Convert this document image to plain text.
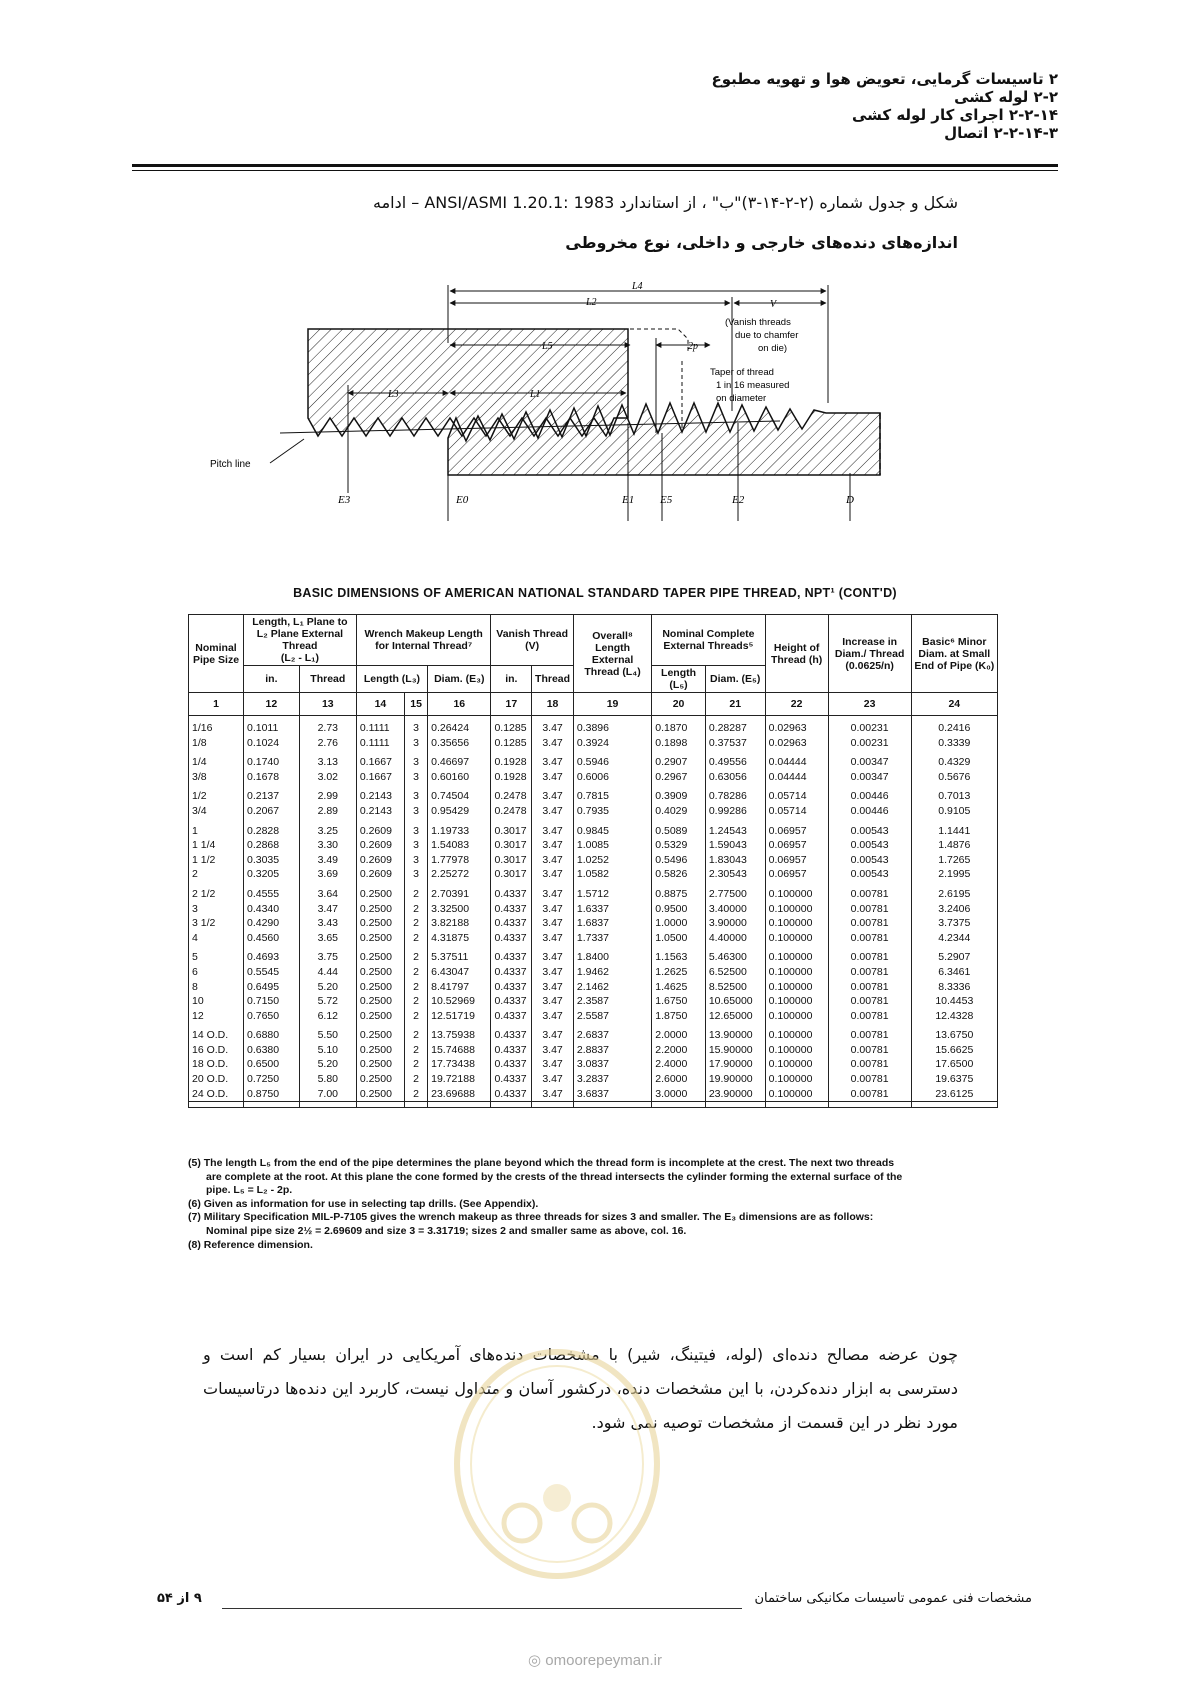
۲ تاسیسات گرمایی، تعویض هوا و تهویه مطبوع
۲-۲ لوله کشی
۲-۲-۱۴ اجرای کار لوله کشی
۲-۲-۱۴-۳ اتصال
شکل و جدول شماره (۲-۲-۱۴-۳)"ب" ، از استاندارد ANSI/ASMI 1.20.1: 1983 – ادامه
اندازه‌های دنده‌های خارجی و داخلی، نوع مخروطی
Pitch line
L4
L2	V
(Vanish threads
due to chamfer
on die)
L5	2p
Taper of thread
1 in 16 measured
on diameter
L3	L1
E3	E0	E1 E5	E2	D
BASIC DIMENSIONS OF AMERICAN NATIONAL STANDARD TAPER PIPE THREAD, NPT¹ (CONT'D)
Nominal Pipe Size	Length, L₁ Plane to L₂ Plane External Thread
(L₂ - L₁)		Wrench Makeup Length for Internal Thread⁷			Vanish Thread (V)		Overall⁸ Length External Thread (L₄)	Nominal Complete External Threads⁵		Height of Thread (h)	Increase in Diam./ Thread (0.0625/n)	Basic⁶ Minor Diam. at Small End of Pipe (K₀)
	in.	Thread	Length (L₃)		Diam. (E₃)	in.	Thread		Length (L₅)	Diam. (E₅)			
1	12	13	14	15	16	17	18	19	20	21	22	23	24

1/16	0.1011	2.73	0.1111	3	0.26424	0.1285	3.47	0.3896	0.1870	0.28287	0.02963	0.00231	0.2416
1/8	0.1024	2.76	0.1111	3	0.35656	0.1285	3.47	0.3924	0.1898	0.37537	0.02963	0.00231	0.3339

1/4	0.1740	3.13	0.1667	3	0.46697	0.1928	3.47	0.5946	0.2907	0.49556	0.04444	0.00347	0.4329
3/8	0.1678	3.02	0.1667	3	0.60160	0.1928	3.47	0.6006	0.2967	0.63056	0.04444	0.00347	0.5676

1/2	0.2137	2.99	0.2143	3	0.74504	0.2478	3.47	0.7815	0.3909	0.78286	0.05714	0.00446	0.7013
3/4	0.2067	2.89	0.2143	3	0.95429	0.2478	3.47	0.7935	0.4029	0.99286	0.05714	0.00446	0.9105

1	0.2828	3.25	0.2609	3	1.19733	0.3017	3.47	0.9845	0.5089	1.24543	0.06957	0.00543	1.1441
1 1/4	0.2868	3.30	0.2609	3	1.54083	0.3017	3.47	1.0085	0.5329	1.59043	0.06957	0.00543	1.4876
1 1/2	0.3035	3.49	0.2609	3	1.77978	0.3017	3.47	1.0252	0.5496	1.83043	0.06957	0.00543	1.7265
2	0.3205	3.69	0.2609	3	2.25272	0.3017	3.47	1.0582	0.5826	2.30543	0.06957	0.00543	2.1995

2 1/2	0.4555	3.64	0.2500	2	2.70391	0.4337	3.47	1.5712	0.8875	2.77500	0.100000	0.00781	2.6195
3	0.4340	3.47	0.2500	2	3.32500	0.4337	3.47	1.6337	0.9500	3.40000	0.100000	0.00781	3.2406
3 1/2	0.4290	3.43	0.2500	2	3.82188	0.4337	3.47	1.6837	1.0000	3.90000	0.100000	0.00781	3.7375
4	0.4560	3.65	0.2500	2	4.31875	0.4337	3.47	1.7337	1.0500	4.40000	0.100000	0.00781	4.2344

5	0.4693	3.75	0.2500	2	5.37511	0.4337	3.47	1.8400	1.1563	5.46300	0.100000	0.00781	5.2907
6	0.5545	4.44	0.2500	2	6.43047	0.4337	3.47	1.9462	1.2625	6.52500	0.100000	0.00781	6.3461
8	0.6495	5.20	0.2500	2	8.41797	0.4337	3.47	2.1462	1.4625	8.52500	0.100000	0.00781	8.3336
10	0.7150	5.72	0.2500	2	10.52969	0.4337	3.47	2.3587	1.6750	10.65000	0.100000	0.00781	10.4453
12	0.7650	6.12	0.2500	2	12.51719	0.4337	3.47	2.5587	1.8750	12.65000	0.100000	0.00781	12.4328

14 O.D.	0.6880	5.50	0.2500	2	13.75938	0.4337	3.47	2.6837	2.0000	13.90000	0.100000	0.00781	13.6750
16 O.D.	0.6380	5.10	0.2500	2	15.74688	0.4337	3.47	2.8837	2.2000	15.90000	0.100000	0.00781	15.6625
18 O.D.	0.6500	5.20	0.2500	2	17.73438	0.4337	3.47	3.0837	2.4000	17.90000	0.100000	0.00781	17.6500
20 O.D.	0.7250	5.80	0.2500	2	19.72188	0.4337	3.47	3.2837	2.6000	19.90000	0.100000	0.00781	19.6375
24 O.D.	0.8750	7.00	0.2500	2	23.69688	0.4337	3.47	3.6837	3.0000	23.90000	0.100000	0.00781	23.6125

(5) The length L₅ from the end of the pipe determines the plane beyond which the thread form is incomplete at the crest. The next two threads

are complete at the root. At this plane the cone formed by the crests of the thread intersects the cylinder forming the external surface of the

pipe. L₅ = L₂ - 2p.

(6) Given as information for use in selecting tap drills. (See Appendix).

(7) Military Specification MIL-P-7105 gives the wrench makeup as three threads for sizes 3 and smaller. The E₃ dimensions are as follows:

Nominal pipe size 2½ = 2.69609 and size 3 = 3.31719; sizes 2 and smaller same as above, col. 16.

(8) Reference dimension.

چون عرضه مصالح دنده‌ای (لوله، فیتینگ، شیر) با مشخصات دنده‌های آمریکایی در ایران بسیار کم است و دسترسی به ابزار دنده‌کردن، با این مشخصات دنده، درکشور آسان و متداول نیست، کاربرد این دنده‌ها درتاسیسات مورد نظر در این قسمت از مشخصات توصیه نمی شود.
مشخصات فنی عمومی تاسیسات مکانیکی ساختمان
۹ از ۵۴
◎ omoorepeyman.ir
